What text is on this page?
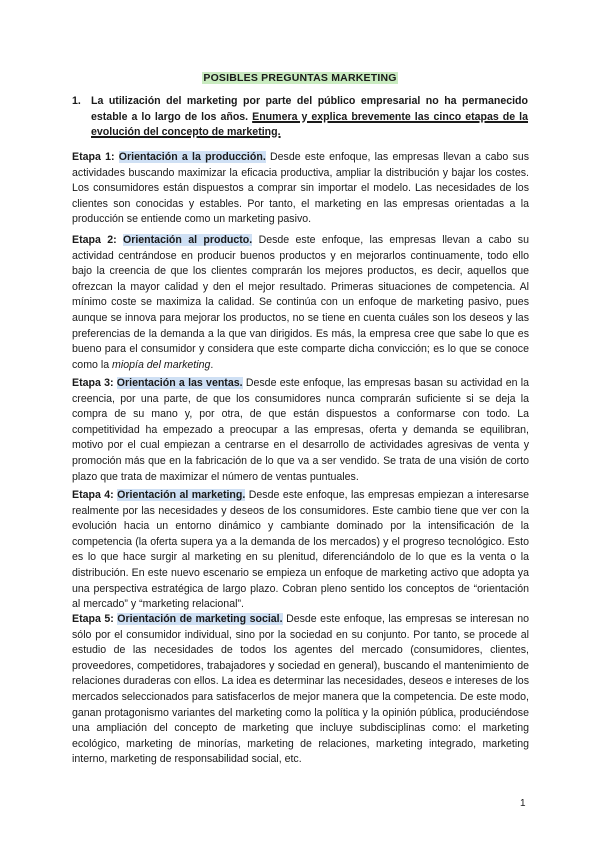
POSIBLES PREGUNTAS MARKETING
1. La utilización del marketing por parte del público empresarial no ha permanecido estable a lo largo de los años. Enumera y explica brevemente las cinco etapas de la evolución del concepto de marketing.
Etapa 1: Orientación a la producción. Desde este enfoque, las empresas llevan a cabo sus actividades buscando maximizar la eficacia productiva, ampliar la distribución y bajar los costes. Los consumidores están dispuestos a comprar sin importar el modelo. Las necesidades de los clientes son conocidas y estables. Por tanto, el marketing en las empresas orientadas a la producción se entiende como un marketing pasivo.
Etapa 2: Orientación al producto. Desde este enfoque, las empresas llevan a cabo su actividad centrándose en producir buenos productos y en mejorarlos continuamente, todo ello bajo la creencia de que los clientes comprarán los mejores productos, es decir, aquellos que ofrezcan la mayor calidad y den el mejor resultado. Primeras situaciones de competencia. Al mínimo coste se maximiza la calidad. Se continúa con un enfoque de marketing pasivo, pues aunque se innova para mejorar los productos, no se tiene en cuenta cuáles son los deseos y las preferencias de la demanda a la que van dirigidos. Es más, la empresa cree que sabe lo que es bueno para el consumidor y considera que este comparte dicha convicción; es lo que se conoce como la miopía del marketing.
Etapa 3: Orientación a las ventas. Desde este enfoque, las empresas basan su actividad en la creencia, por una parte, de que los consumidores nunca comprarán suficiente si se deja la compra de su mano y, por otra, de que están dispuestos a conformarse con todo. La competitividad ha empezado a preocupar a las empresas, oferta y demanda se equilibran, motivo por el cual empiezan a centrarse en el desarrollo de actividades agresivas de venta y promoción más que en la fabricación de lo que va a ser vendido. Se trata de una visión de corto plazo que trata de maximizar el número de ventas puntuales.
Etapa 4: Orientación al marketing. Desde este enfoque, las empresas empiezan a interesarse realmente por las necesidades y deseos de los consumidores. Este cambio tiene que ver con la evolución hacia un entorno dinámico y cambiante dominado por la intensificación de la competencia (la oferta supera ya a la demanda de los mercados) y el progreso tecnológico. Esto es lo que hace surgir al marketing en su plenitud, diferenciándolo de lo que es la venta o la distribución. En este nuevo escenario se empieza un enfoque de marketing activo que adopta ya una perspectiva estratégica de largo plazo. Cobran pleno sentido los conceptos de “orientación al mercado” y “marketing relacional”.
Etapa 5: Orientación de marketing social. Desde este enfoque, las empresas se interesan no sólo por el consumidor individual, sino por la sociedad en su conjunto. Por tanto, se procede al estudio de las necesidades de todos los agentes del mercado (consumidores, clientes, proveedores, competidores, trabajadores y sociedad en general), buscando el mantenimiento de relaciones duraderas con ellos. La idea es determinar las necesidades, deseos e intereses de los mercados seleccionados para satisfacerlos de mejor manera que la competencia. De este modo, ganan protagonismo variantes del marketing como la política y la opinión pública, produciéndose una ampliación del concepto de marketing que incluye subdisciplinas como: el marketing ecológico, marketing de minorías, marketing de relaciones, marketing integrado, marketing interno, marketing de responsabilidad social, etc.
1
